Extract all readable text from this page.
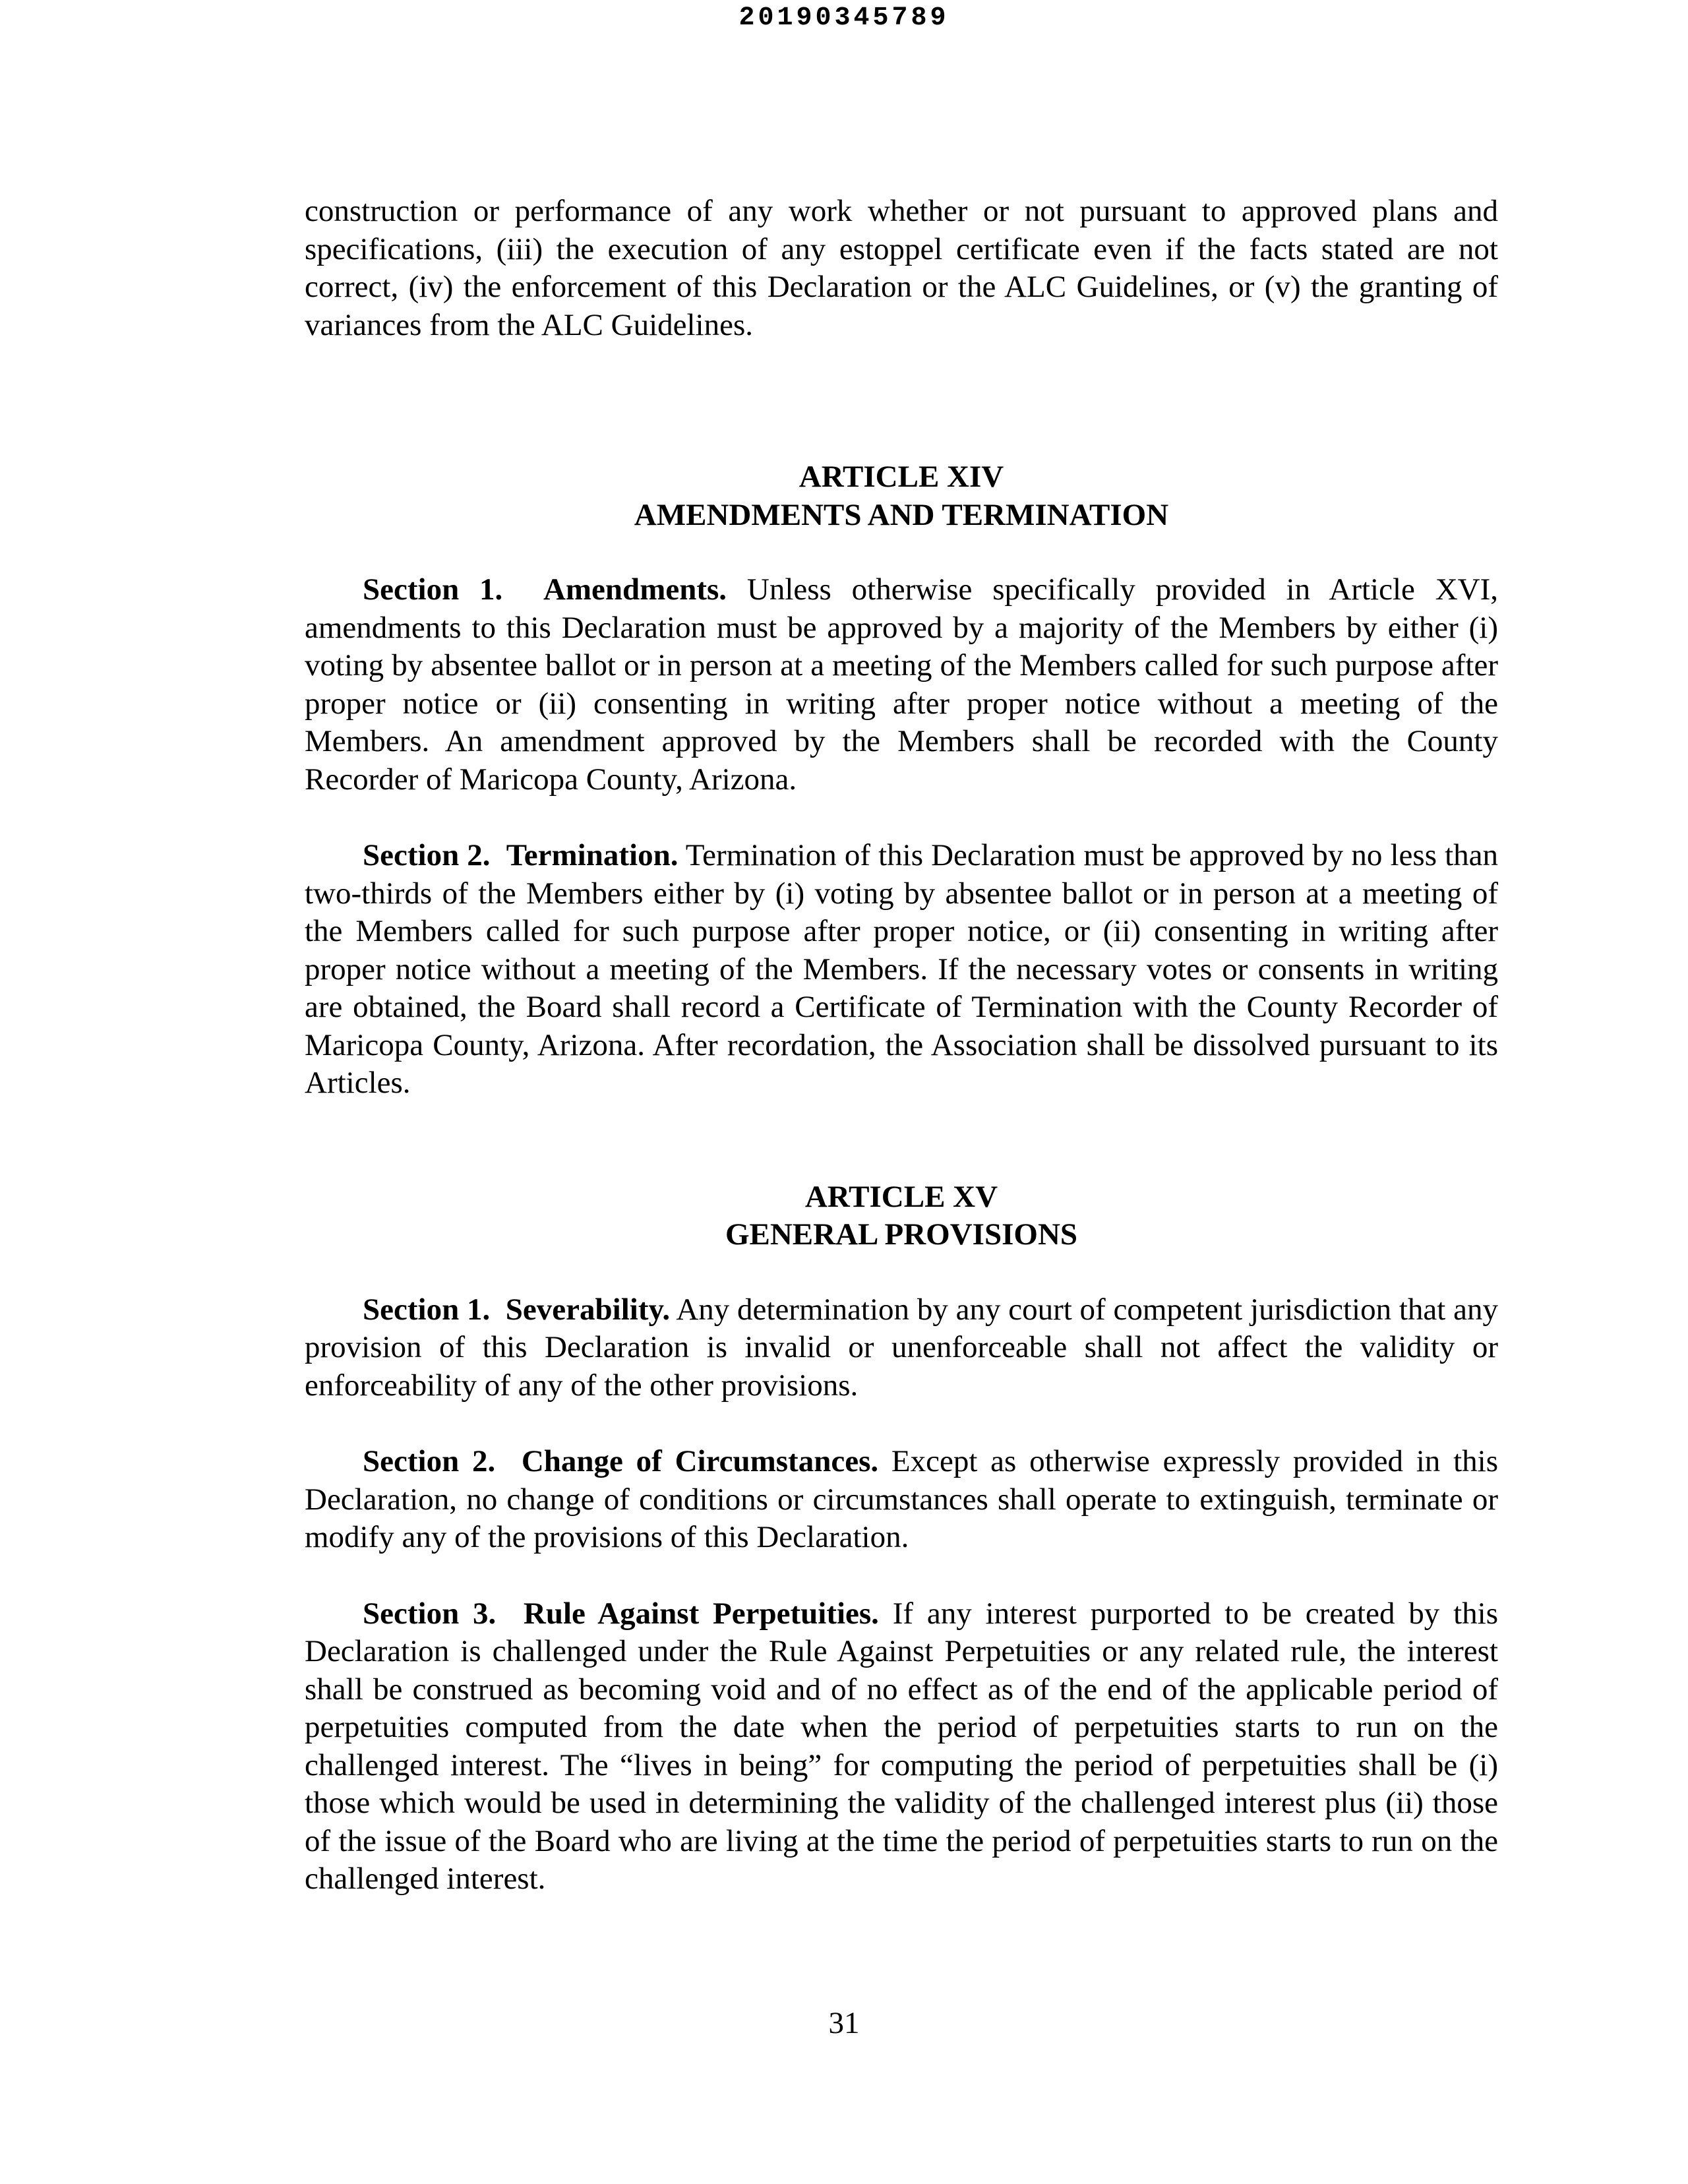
20190345789

construction or performance of any work whether or not pursuant to approved plans and specifications, (iii) the execution of any estoppel certificate even if the facts stated are not correct, (iv) the enforcement of this Declaration or the ALC Guidelines, or (v) the granting of variances from the ALC Guidelines.

ARTICLE XIV
AMENDMENTS AND TERMINATION

Section 1. Amendments. Unless otherwise specifically provided in Article XVI, amendments to this Declaration must be approved by a majority of the Members by either (i) voting by absentee ballot or in person at a meeting of the Members called for such purpose after proper notice or (ii) consenting in writing after proper notice without a meeting of the Members. An amendment approved by the Members shall be recorded with the County Recorder of Maricopa County, Arizona.

Section 2. Termination. Termination of this Declaration must be approved by no less than two-thirds of the Members either by (i) voting by absentee ballot or in person at a meeting of the Members called for such purpose after proper notice, or (ii) consenting in writing after proper notice without a meeting of the Members. If the necessary votes or consents in writing are obtained, the Board shall record a Certificate of Termination with the County Recorder of Maricopa County, Arizona. After recordation, the Association shall be dissolved pursuant to its Articles.

ARTICLE XV
GENERAL PROVISIONS

Section 1. Severability. Any determination by any court of competent jurisdiction that any provision of this Declaration is invalid or unenforceable shall not affect the validity or enforceability of any of the other provisions.

Section 2. Change of Circumstances. Except as otherwise expressly provided in this Declaration, no change of conditions or circumstances shall operate to extinguish, terminate or modify any of the provisions of this Declaration.

Section 3. Rule Against Perpetuities. If any interest purported to be created by this Declaration is challenged under the Rule Against Perpetuities or any related rule, the interest shall be construed as becoming void and of no effect as of the end of the applicable period of perpetuities computed from the date when the period of perpetuities starts to run on the challenged interest. The “lives in being” for computing the period of perpetuities shall be (i) those which would be used in determining the validity of the challenged interest plus (ii) those of the issue of the Board who are living at the time the period of perpetuities starts to run on the challenged interest.

31
